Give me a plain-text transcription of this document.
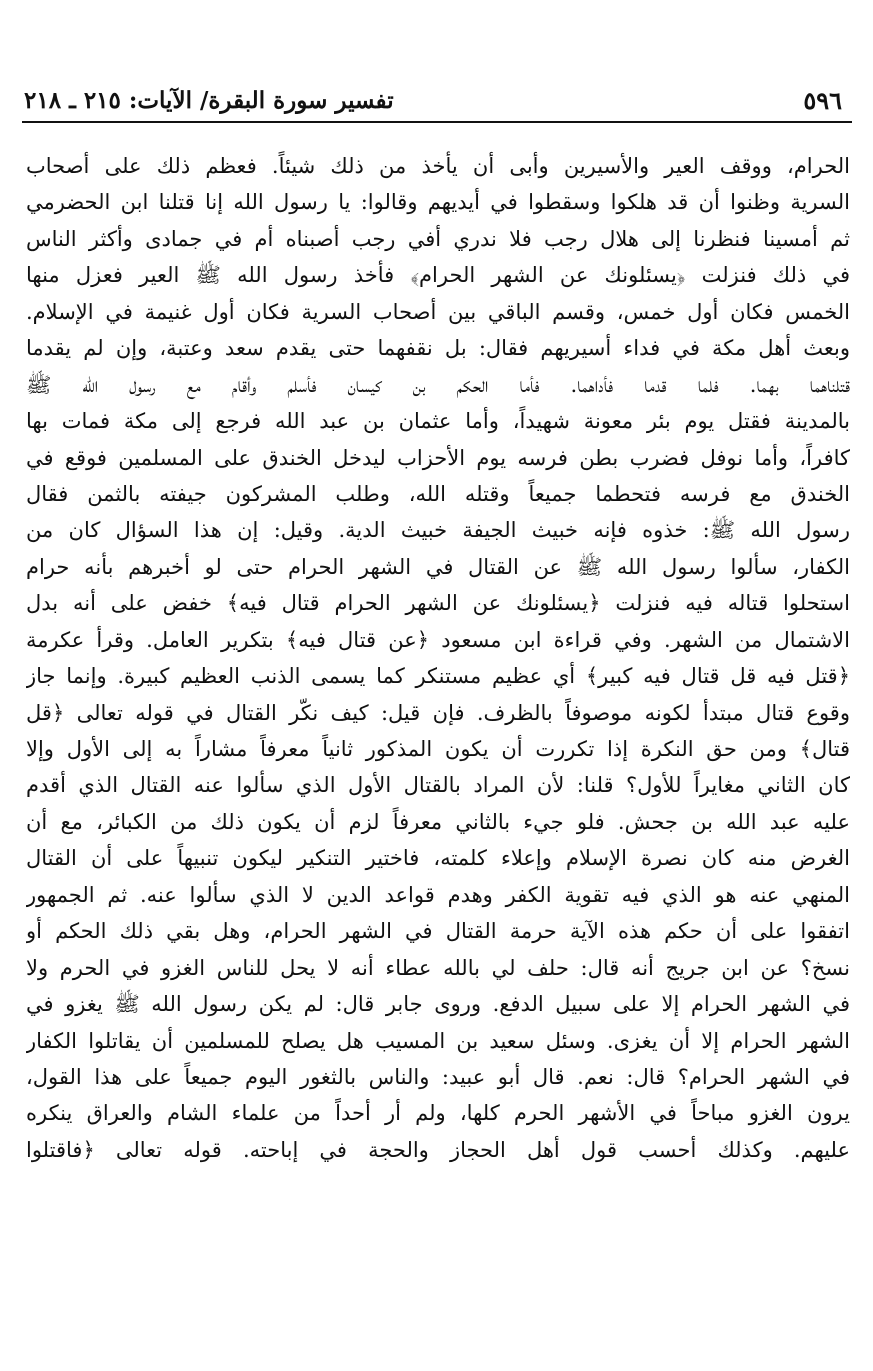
٥٩٦
تفسير سورة البقرة/ الآيات: ٢١٥ ـ ٢١٨
الحرام، ووقف العير والأسيرين وأبى أن يأخذ من ذلك شيئاً. فعظم ذلك على أصحاب
السرية وظنوا أن قد هلكوا وسقطوا في أيديهم وقالوا: يا رسول الله إنا قتلنا ابن الحضرمي
ثم أمسينا فنظرنا إلى هلال رجب فلا ندري أفي رجب أصبناه أم في جمادى وأكثر الناس
في ذلك فنزلت ﴿يسئلونك عن الشهر الحرام﴾ فأخذ رسول الله ﷺ العير فعزل منها
الخمس فكان أول خمس، وقسم الباقي بين أصحاب السرية فكان أول غنيمة في الإسلام.
وبعث أهل مكة في فداء أسيريهم فقال: بل نقفهما حتى يقدم سعد وعتبة، وإن لم يقدما
قتلناهما بهما. فلما قدما فأداهما. فأما الحكم بن كيسان فأسلم وأقام مع رسول الله ﷺ
بالمدينة فقتل يوم بئر معونة شهيداً، وأما عثمان بن عبد الله فرجع إلى مكة فمات بها
كافراً، وأما نوفل فضرب بطن فرسه يوم الأحزاب ليدخل الخندق على المسلمين فوقع في
الخندق مع فرسه فتحطما جميعاً وقتله الله، وطلب المشركون جيفته بالثمن فقال
رسول الله ﷺ: خذوه فإنه خبيث الجيفة خبيث الدية. وقيل: إن هذا السؤال كان من
الكفار، سألوا رسول الله ﷺ عن القتال في الشهر الحرام حتى لو أخبرهم بأنه حرام
استحلوا قتاله فيه فنزلت ﴿يسئلونك عن الشهر الحرام قتال فيه﴾ خفض على أنه بدل
الاشتمال من الشهر. وفي قراءة ابن مسعود ﴿عن قتال فيه﴾ بتكرير العامل. وقرأ عكرمة
﴿قتل فيه قل قتال فيه كبير﴾ أي عظيم مستنكر كما يسمى الذنب العظيم كبيرة. وإنما جاز
وقوع قتال مبتدأ لكونه موصوفاً بالظرف. فإن قيل: كيف نكّر القتال في قوله تعالى ﴿قل
قتال﴾ ومن حق النكرة إذا تكررت أن يكون المذكور ثانياً معرفاً مشاراً به إلى الأول وإلا
كان الثاني مغايراً للأول؟ قلنا: لأن المراد بالقتال الأول الذي سألوا عنه القتال الذي أقدم
عليه عبد الله بن جحش. فلو جيء بالثاني معرفاً لزم أن يكون ذلك من الكبائر، مع أن
الغرض منه كان نصرة الإسلام وإعلاء كلمته، فاختير التنكير ليكون تنبيهاً على أن القتال
المنهي عنه هو الذي فيه تقوية الكفر وهدم قواعد الدين لا الذي سألوا عنه. ثم الجمهور
اتفقوا على أن حكم هذه الآية حرمة القتال في الشهر الحرام، وهل بقي ذلك الحكم أو
نسخ؟ عن ابن جريج أنه قال: حلف لي بالله عطاء أنه لا يحل للناس الغزو في الحرم ولا
في الشهر الحرام إلا على سبيل الدفع. وروى جابر قال: لم يكن رسول الله ﷺ يغزو في
الشهر الحرام إلا أن يغزى. وسئل سعيد بن المسيب هل يصلح للمسلمين أن يقاتلوا الكفار
في الشهر الحرام؟ قال: نعم. قال أبو عبيد: والناس بالثغور اليوم جميعاً على هذا القول،
يرون الغزو مباحاً في الأشهر الحرم كلها، ولم أر أحداً من علماء الشام والعراق ينكره
عليهم. وكذلك أحسب قول أهل الحجاز والحجة في إباحته. قوله تعالى ﴿فاقتلوا
